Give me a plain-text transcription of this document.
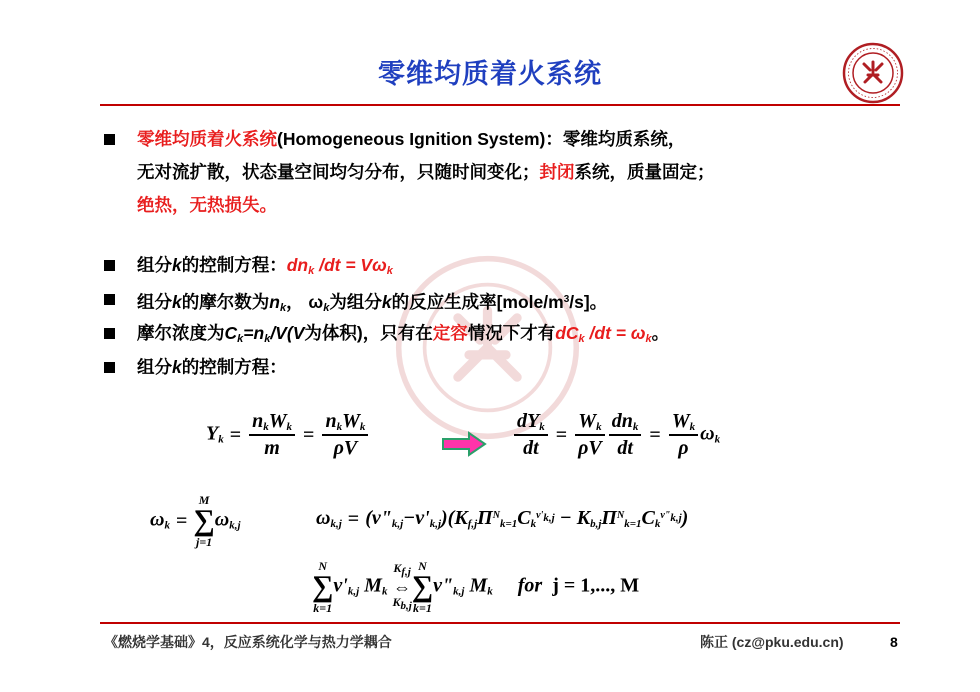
零维均质着火系统
零维均质着火系统(Homogeneous Ignition System)：零维均质系统，
无对流扩散，状态量空间均匀分布，只随时间变化；封闭系统，质量固定；
绝热，无热损失。
组分k的控制方程：$dn_k$ $/dt = V\omega_k$
组分k的摩尔数为$n_k$， $\omega_k$为组分k的反应生成率$[mole/m^3/s]$。
摩尔浓度为$C_k=n_k/V(V$为体积)，只有在定容情况下才有$dC_k$ $/dt = \omega_k$。
组分k的控制方程：
$Y_k = \frac{n_kW_k}{m} = \frac{n_kW_k}{\rho V}$	$\frac{dY_k}{dt} = \frac{W_k}{\rho V} \frac{dn_k}{dt} = \frac{W_k}{\rho} \omega_k$
$\omega_k$ =
M
∑
j=1
$\omega_{k,j}$	$\omega_{k,j}$ = $(\nu"_{k,j}-\nu'_{k,j})(K_{f,j}\Pi^N_{k=1}C_k^{\nu'_{k,j}} - K_{b,j}\Pi^N_{k=1}C_k^{\nu"_{k,j}})$
N
∑
k=1
$\nu'_{k,j}$ $M_k$
$K_{f,j}$
⇔
$K_{b,j}$
N
∑
k=1
$\nu"_{k,j}$ $M_k$     for  j = 1,..., M
《燃烧学基础》4，反应系统化学与热力学耦合	陈正 (cz@pku.edu.cn)	8
